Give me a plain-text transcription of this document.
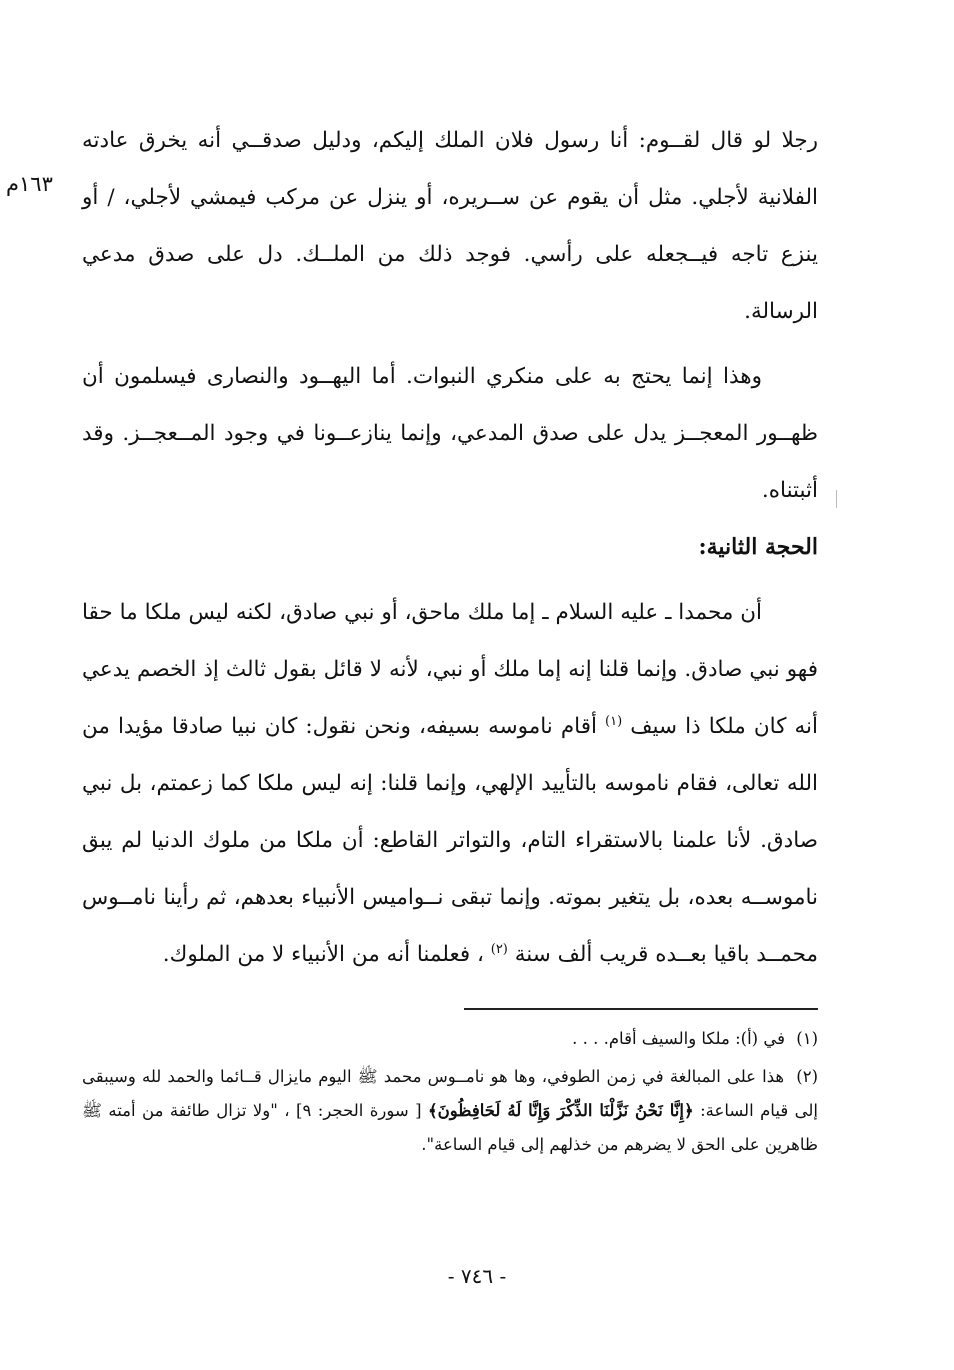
١٦٣م

رجلا لو قال لقــوم: أنا رسول فلان الملك إليكم، ودليل صدقــي أنه يخرق عادته الفلانية لأجلي. مثل أن يقوم عن ســريره، أو ينزل عن مركب فيمشي لأجلي، / أو ينزع تاجه فيــجعله على رأسي. فوجد ذلك من الملــك. دل على صدق مدعي الرسالة.

وهذا إنما يحتج به على منكري النبوات. أما اليهــود والنصارى فيسلمون أن ظهــور المعجــز يدل على صدق المدعي، وإنما ينازعــونا في وجود المــعجــز. وقد أثبتناه.

الحجة الثانية:

أن محمدا ـ عليه السلام ـ إما ملك ماحق، أو نبي صادق، لكنه ليس ملكا ما حقا فهو نبي صادق. وإنما قلنا إنه إما ملك أو نبي، لأنه لا قائل بقول ثالث إذ الخصم يدعي أنه كان ملكا ذا سيف $^{(١)}$ أقام ناموسه بسيفه، ونحن نقول: كان نبيا صادقا مؤيدا من الله تعالى، فقام ناموسه بالتأييد الإلهي، وإنما قلنا: إنه ليس ملكا كما زعمتم، بل نبي صادق. لأنا علمنا بالاستقراء التام، والتواتر القاطع: أن ملكا من ملوك الدنيا لم يبق ناموســه بعده، بل يتغير بموته. وإنما تبقى نــواميس الأنبياء بعدهم، ثم رأينا نامــوس محمــد باقيا بعــده قريب ألف سنة $^{(٢)}$ ، فعلمنا أنه من الأنبياء لا من الملوك.

(١) في (أ): ملكا والسيف أقام. . . .

(٢) هذا على المبالغة في زمن الطوفي، وها هو نامــوس محمد ﷺ اليوم مايزال قــائما والحمد لله وسيبقى إلى قيام الساعة: ﴿إِنَّا نَحْنُ نَزَّلْنَا الذِّكْرَ وَإِنَّا لَهُ لَحَافِظُونَ﴾ [ سورة الحجر: ٩] ، "ولا تزال طائفة من أمته ﷺ ظاهرين على الحق لا يضرهم من خذلهم إلى قيام الساعة".

- ٧٤٦ -
